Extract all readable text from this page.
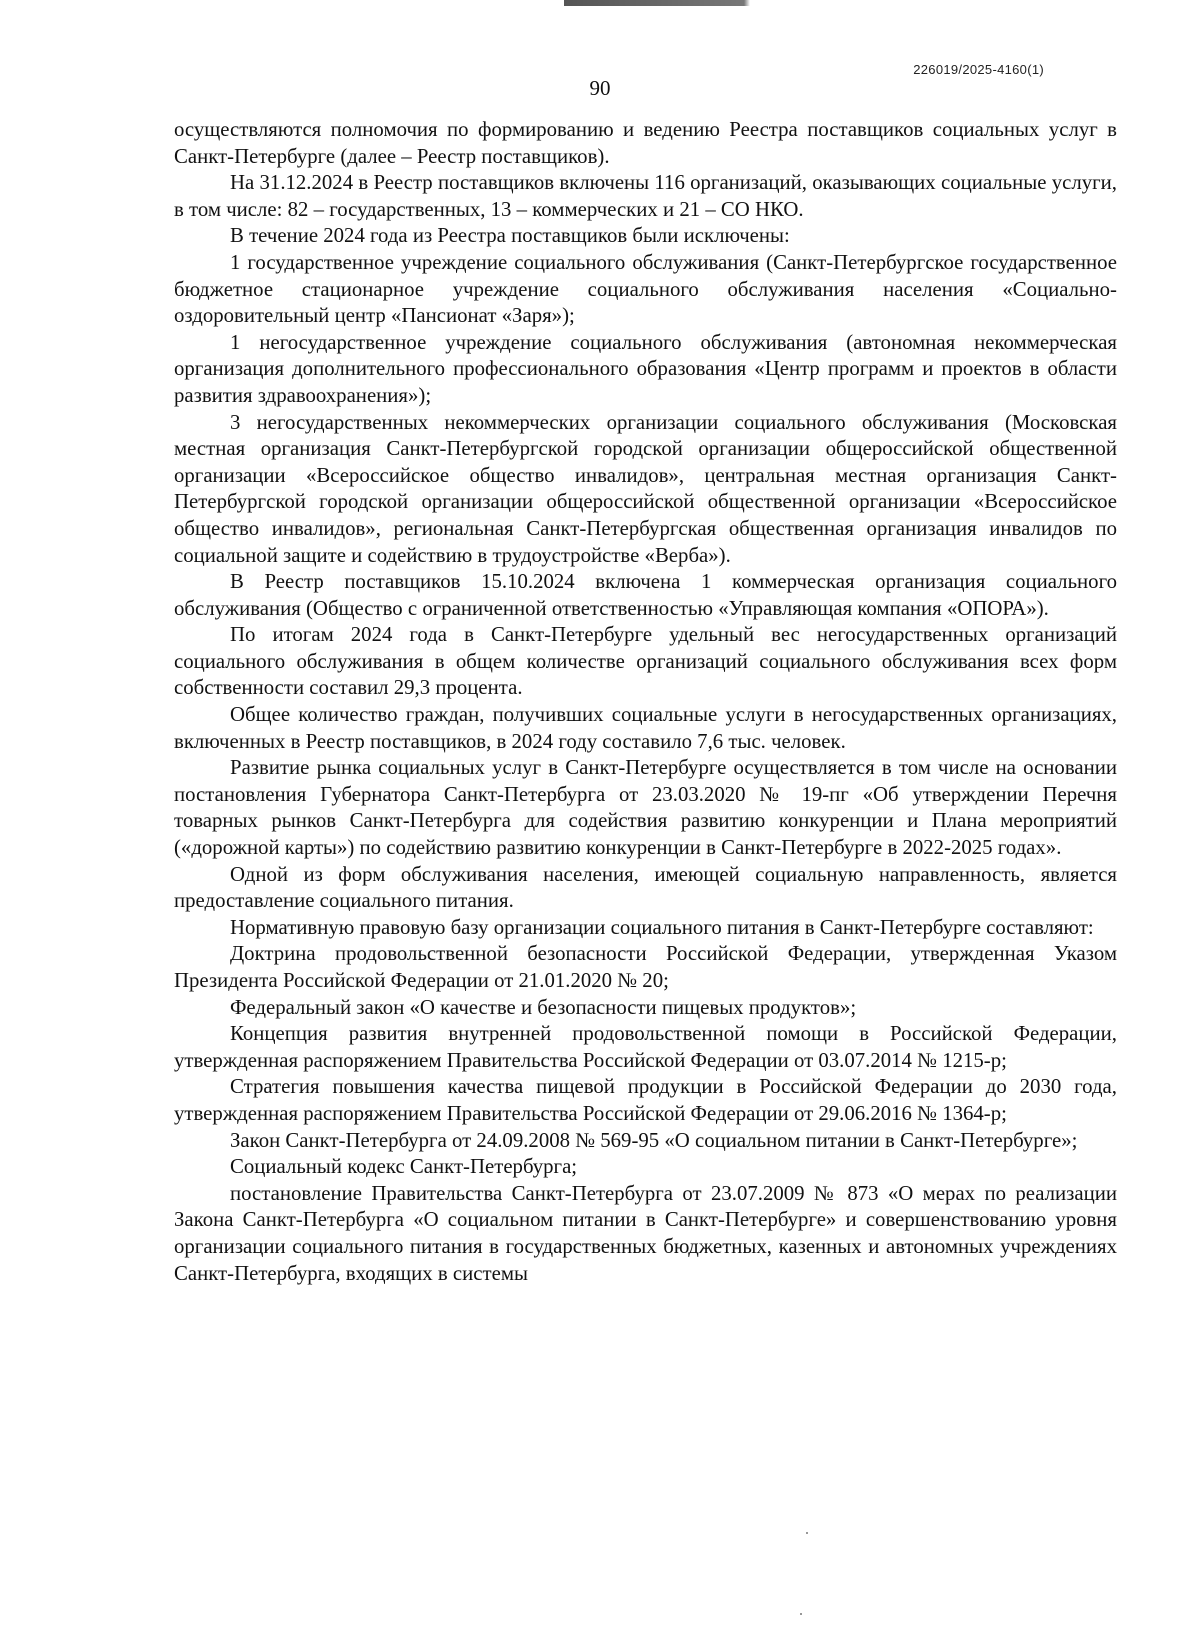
226019/2025-4160(1)
90

осуществляются полномочия по формированию и ведению Реестра поставщиков социальных услуг в Санкт-Петербурге (далее – Реестр поставщиков).

На 31.12.2024 в Реестр поставщиков включены 116 организаций, оказывающих социальные услуги, в том числе: 82 – государственных, 13 – коммерческих и 21 – СО НКО.

В течение 2024 года из Реестра поставщиков были исключены:

1 государственное учреждение социального обслуживания (Санкт-Петербургское государственное бюджетное стационарное учреждение социального обслуживания населения «Социально-оздоровительный центр «Пансионат «Заря»);

1 негосударственное учреждение социального обслуживания (автономная некоммерческая организация дополнительного профессионального образования «Центр программ и проектов в области развития здравоохранения»);

3 негосударственных некоммерческих организации социального обслуживания (Московская местная организация Санкт-Петербургской городской организации общероссийской общественной организации «Всероссийское общество инвалидов», центральная местная организация Санкт-Петербургской городской организации общероссийской общественной организации «Всероссийское общество инвалидов», региональная Санкт-Петербургская общественная организация инвалидов по социальной защите и содействию в трудоустройстве «Верба»).

В Реестр поставщиков 15.10.2024 включена 1 коммерческая организация социального обслуживания (Общество с ограниченной ответственностью «Управляющая компания «ОПОРА»).

По итогам 2024 года в Санкт-Петербурге удельный вес негосударственных организаций социального обслуживания в общем количестве организаций социального обслуживания всех форм собственности составил 29,3 процента.

Общее количество граждан, получивших социальные услуги в негосударственных организациях, включенных в Реестр поставщиков, в 2024 году составило 7,6 тыс. человек.

Развитие рынка социальных услуг в Санкт-Петербурге осуществляется в том числе на основании постановления Губернатора Санкт-Петербурга от 23.03.2020 № 19-пг «Об утверждении Перечня товарных рынков Санкт-Петербурга для содействия развитию конкуренции и Плана мероприятий («дорожной карты») по содействию развитию конкуренции в Санкт-Петербурге в 2022-2025 годах».

Одной из форм обслуживания населения, имеющей социальную направленность, является предоставление социального питания.

Нормативную правовую базу организации социального питания в Санкт-Петербурге составляют:

Доктрина продовольственной безопасности Российской Федерации, утвержденная Указом Президента Российской Федерации от 21.01.2020 № 20;

Федеральный закон «О качестве и безопасности пищевых продуктов»;

Концепция развития внутренней продовольственной помощи в Российской Федерации, утвержденная распоряжением Правительства Российской Федерации от 03.07.2014 № 1215-р;

Стратегия повышения качества пищевой продукции в Российской Федерации до 2030 года, утвержденная распоряжением Правительства Российской Федерации от 29.06.2016 № 1364-р;

Закон Санкт-Петербурга от 24.09.2008 № 569-95 «О социальном питании в Санкт-Петербурге»;

Социальный кодекс Санкт-Петербурга;

постановление Правительства Санкт-Петербурга от 23.07.2009 № 873 «О мерах по реализации Закона Санкт-Петербурга «О социальном питании в Санкт-Петербурге» и совершенствованию уровня организации социального питания в государственных бюджетных, казенных и автономных учреждениях Санкт-Петербурга, входящих в системы
